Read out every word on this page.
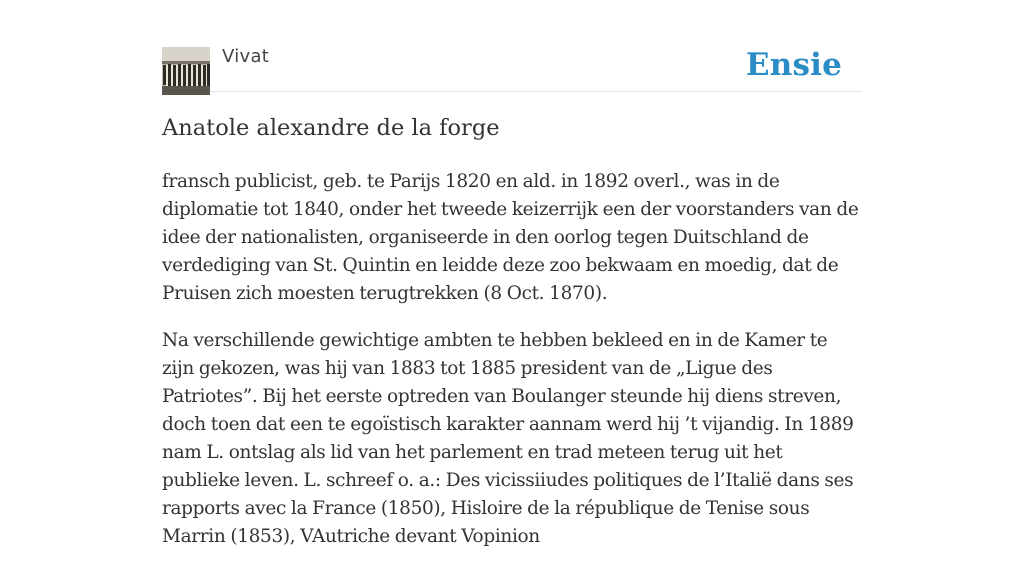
Vivat	Ensie
Anatole alexandre de la forge

fransch publicist, geb. te Parijs 1820 en ald. in 1892 overl., was in de diplomatie tot 1840, onder het tweede keizerrijk een der voorstanders van de idee der nationalisten, organiseerde in den oorlog tegen Duitschland de verdediging van St. Quintin en leidde deze zoo bekwaam en moedig, dat de Pruisen zich moesten terugtrekken (8 Oct. 1870).

Na verschillende gewichtige ambten te hebben bekleed en in de Kamer te zijn gekozen, was hij van 1883 tot 1885 president van de „Ligue des Patriotes”. Bij het eerste optreden van Boulanger steunde hij diens streven, doch toen dat een te egoïstisch karakter aannam werd hij ’t vijandig. In 1889 nam L. ontslag als lid van het parlement en trad meteen terug uit het publieke leven. L. schreef o. a.: Des vicissiiudes politiques de l’Italië dans ses rapports avec la France (1850), Hisloire de la république de Tenise sous Marrin (1853), VAutriche devant Vopinion
